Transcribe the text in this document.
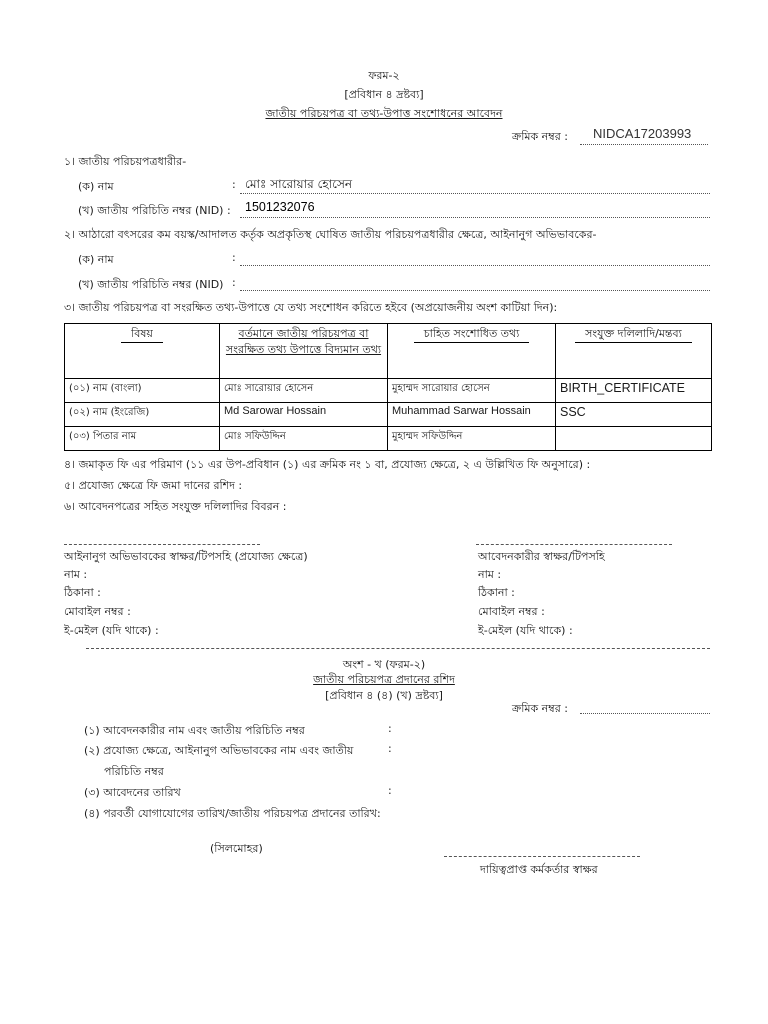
ফরম-২
[প্রবিধান ৪ দ্রষ্টব্য]
জাতীয় পরিচয়পত্র বা তথ্য-উপাত্ত সংশোধনের আবেদন
ক্রমিক নম্বর : NIDCA17203993
১। জাতীয় পরিচয়পত্রধারীর-
(ক) নাম	: মোঃ সারোয়ার হোসেন
(খ) জাতীয় পরিচিতি নম্বর (NID) : 1501232076
২। আঠারো বৎসরের কম বয়স্ক/আদালত কর্তৃক অপ্রকৃতিস্থ ঘোষিত জাতীয় পরিচয়পত্রধারীর ক্ষেত্রে, আইনানুগ অভিভাবকের-
(ক) নাম	:
(খ) জাতীয় পরিচিতি নম্বর (NID) :
৩। জাতীয় পরিচয়পত্র বা সংরক্ষিত তথ্য-উপাত্তে যে তথ্য সংশোধন করিতে হইবে (অপ্রয়োজনীয় অংশ কাটিয়া দিন):
বিষয়	বর্তমানে জাতীয় পরিচয়পত্র বা সংরক্ষিত তথ্য উপাত্তে বিদ্যমান তথ্য	চাহিত সংশোধিত তথ্য	সংযুক্ত দলিলাদি/মন্তব্য
(০১) নাম (বাংলা)	মোঃ সারোয়ার হোসেন	মুহাম্মদ সারোয়ার হোসেন	BIRTH_CERTIFICATE
(০২) নাম (ইংরেজি)	Md Sarowar Hossain	Muhammad Sarwar Hossain	SSC
(০৩) পিতার নাম	মোঃ সফিউদ্দিন	মুহাম্মদ সফিউদ্দিন	
৪। জমাকৃত ফি এর পরিমাণ (১১ এর উপ-প্রবিধান (১) এর ক্রমিক নং ১ বা, প্রযোজ্য ক্ষেত্রে, ২ এ উল্লিখিত ফি অনুসারে) :
৫। প্রযোজ্য ক্ষেত্রে ফি জমা দানের রশিদ :
৬। আবেদনপত্রের সহিত সংযুক্ত দলিলাদির বিবরন :
আইনানুগ অভিভাবকের স্বাক্ষর/টিপসহি (প্রযোজ্য ক্ষেত্রে)
নাম :
ঠিকানা :
মোবাইল নম্বর :
ই-মেইল (যদি থাকে) :
আবেদনকারীর স্বাক্ষর/টিপসহি
নাম :
ঠিকানা :
মোবাইল নম্বর :
ই-মেইল (যদি থাকে) :
অংশ - খ (ফরম-২)
জাতীয় পরিচয়পত্র প্রদানের রশিদ
[প্রবিধান ৪ (৪) (খ) দ্রষ্টব্য]
ক্রমিক নম্বর :
(১) আবেদনকারীর নাম এবং জাতীয় পরিচিতি নম্বর	:
(২) প্রযোজ্য ক্ষেত্রে, আইনানুগ অভিভাবকের নাম এবং জাতীয়	:
পরিচিতি নম্বর
(৩) আবেদনের তারিখ	:
(৪) পরবর্তী যোগাযোগের তারিখ/জাতীয় পরিচয়পত্র প্রদানের তারিখ:
(সিলমোহর)
দায়িত্বপ্রাপ্ত কর্মকর্তার স্বাক্ষর
